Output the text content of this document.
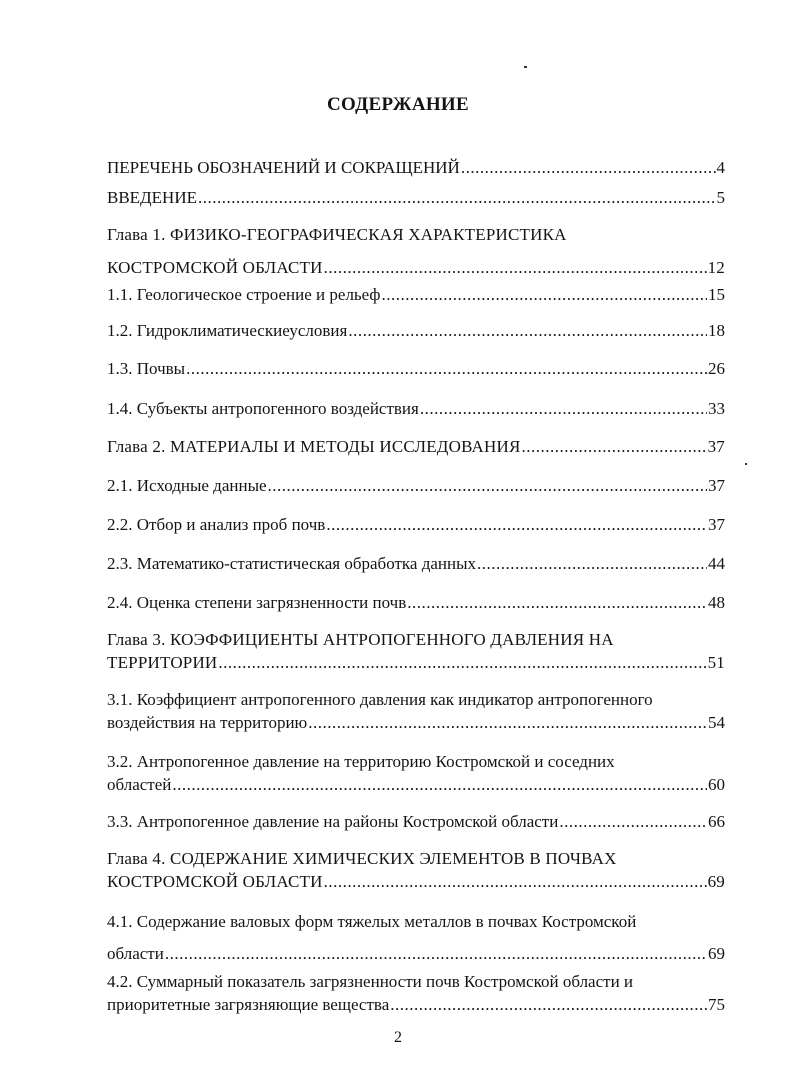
СОДЕРЖАНИЕ
ПЕРЕЧЕНЬ ОБОЗНАЧЕНИЙ И СОКРАЩЕНИЙ .....	4
ВВЕДЕНИЕ .....	5
Глава 1. ФИЗИКО-ГЕОГРАФИЧЕСКАЯ ХАРАКТЕРИСТИКА
КОСТРОМСКОЙ ОБЛАСТИ .....	12
1.1. Геологическое строение и рельеф .....	15
1.2. Гидроклиматическиеусловия .....	18
1.3. Почвы .....	26
1.4. Субъекты антропогенного воздействия .....	33
Глава 2. МАТЕРИАЛЫ И МЕТОДЫ ИССЛЕДОВАНИЯ .....	37
2.1. Исходные данные .....	37
2.2. Отбор и анализ проб почв .....	37
2.3. Математико-статистическая обработка данных .....	44
2.4. Оценка степени загрязненности почв .....	48
Глава 3. КОЭФФИЦИЕНТЫ АНТРОПОГЕННОГО ДАВЛЕНИЯ НА
ТЕРРИТОРИИ .....	51
3.1. Коэффициент антропогенного давления как индикатор антропогенного
воздействия на территорию .....	54
3.2. Антропогенное давление на территорию Костромской и соседних
областей .....	60
3.3. Антропогенное давление на районы Костромской области .....	66
Глава 4. СОДЕРЖАНИЕ ХИМИЧЕСКИХ ЭЛЕМЕНТОВ В ПОЧВАХ
КОСТРОМСКОЙ ОБЛАСТИ .....	69
4.1. Содержание валовых форм тяжелых металлов в почвах Костромской
области .....	69
4.2. Суммарный показатель загрязненности почв Костромской области и
приоритетные загрязняющие вещества .....	75
2
